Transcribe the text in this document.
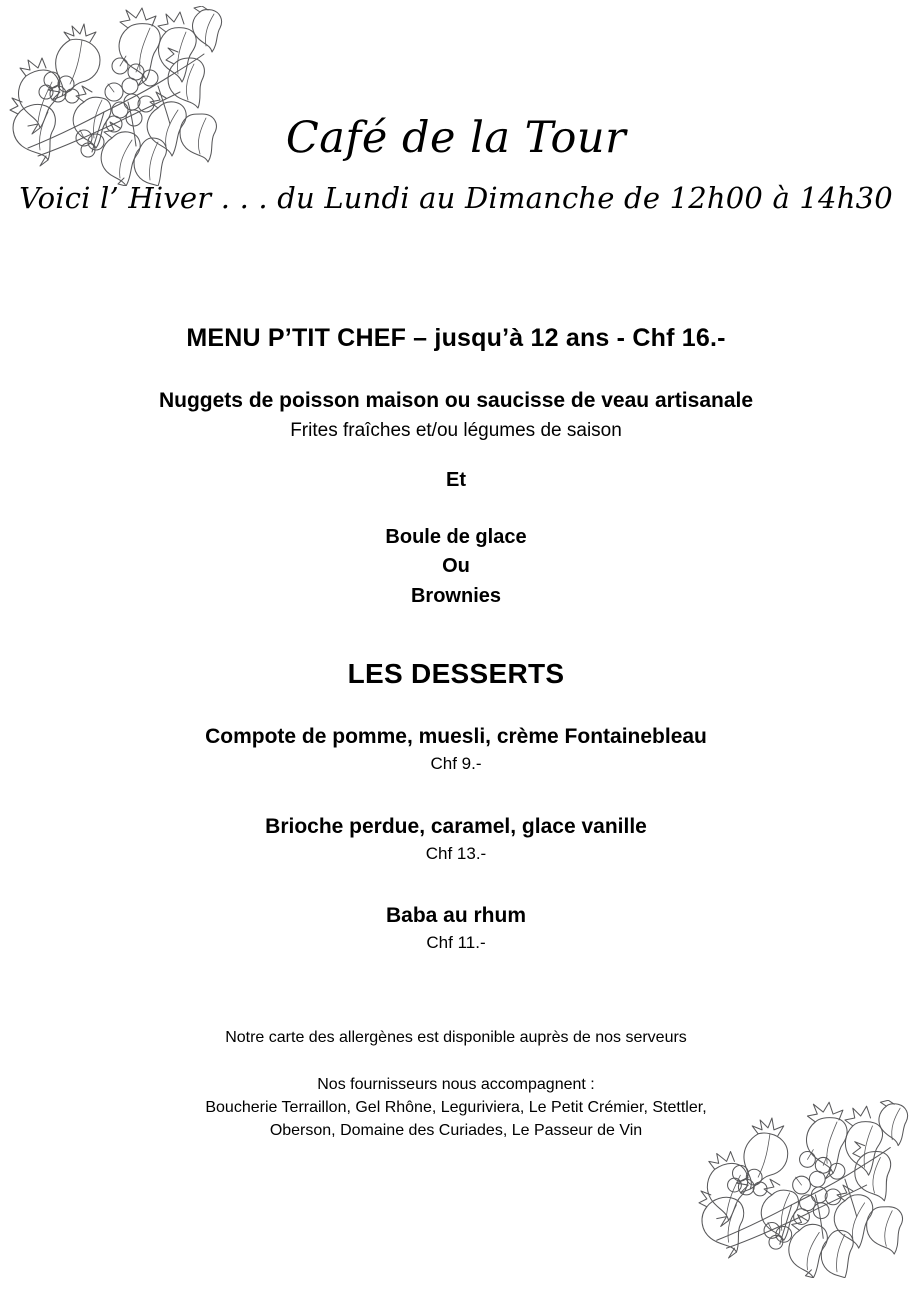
Café de la Tour

Voici l’ Hiver . . . du Lundi au Dimanche de 12h00 à 14h30

MENU P’TIT CHEF – jusqu’à 12 ans - Chf 16.-

Nuggets de poisson maison ou saucisse de veau artisanale

Frites fraîches et/ou légumes de saison

Et

Boule de glace

Ou

Brownies

LES DESSERTS

Compote de pomme, muesli, crème Fontainebleau

Chf 9.-

Brioche perdue, caramel, glace vanille

Chf 13.-

Baba au rhum

Chf 11.-

Notre carte des allergènes est disponible auprès de nos serveurs

Nos fournisseurs nous accompagnent :

Boucherie Terraillon, Gel Rhône, Leguriviera, Le Petit Crémier, Stettler,

Oberson, Domaine des Curiades, Le Passeur de Vin
